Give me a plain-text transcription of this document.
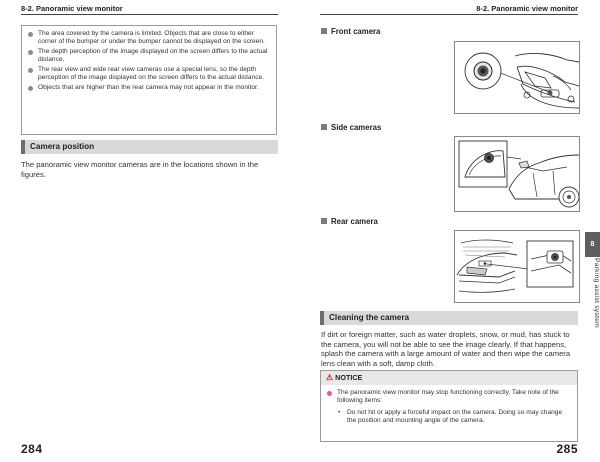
8-2. Panoramic view monitor
The area covered by the camera is limited. Objects that are close to either corner of the bumper or under the bumper cannot be displayed on the screen.
The depth perception of the image displayed on the screen differs to the actual distance.
The rear view and wide rear view cameras use a special lens, so the depth perception of the image displayed on the screen differs to the actual distance.
Objects that are higher than the rear camera may not appear in the monitor.
Camera position
The panoramic view monitor cameras are in the locations shown in the figures.
284
8-2. Panoramic view monitor
Front camera
Side cameras
Rear camera
8
Parking assist system
Cleaning the camera
If dirt or foreign matter, such as water droplets, snow, or mud, has stuck to the camera, you will not be able to see the image clearly. If that happens, splash the camera with a large amount of water and then wipe the camera lens clean with a soft, damp cloth.
⚠ NOTICE
The panoramic view monitor may stop functioning correctly. Take note of the following items:
• Do not hit or apply a forceful impact on the camera. Doing so may change the position and mounting angle of the camera.
285
